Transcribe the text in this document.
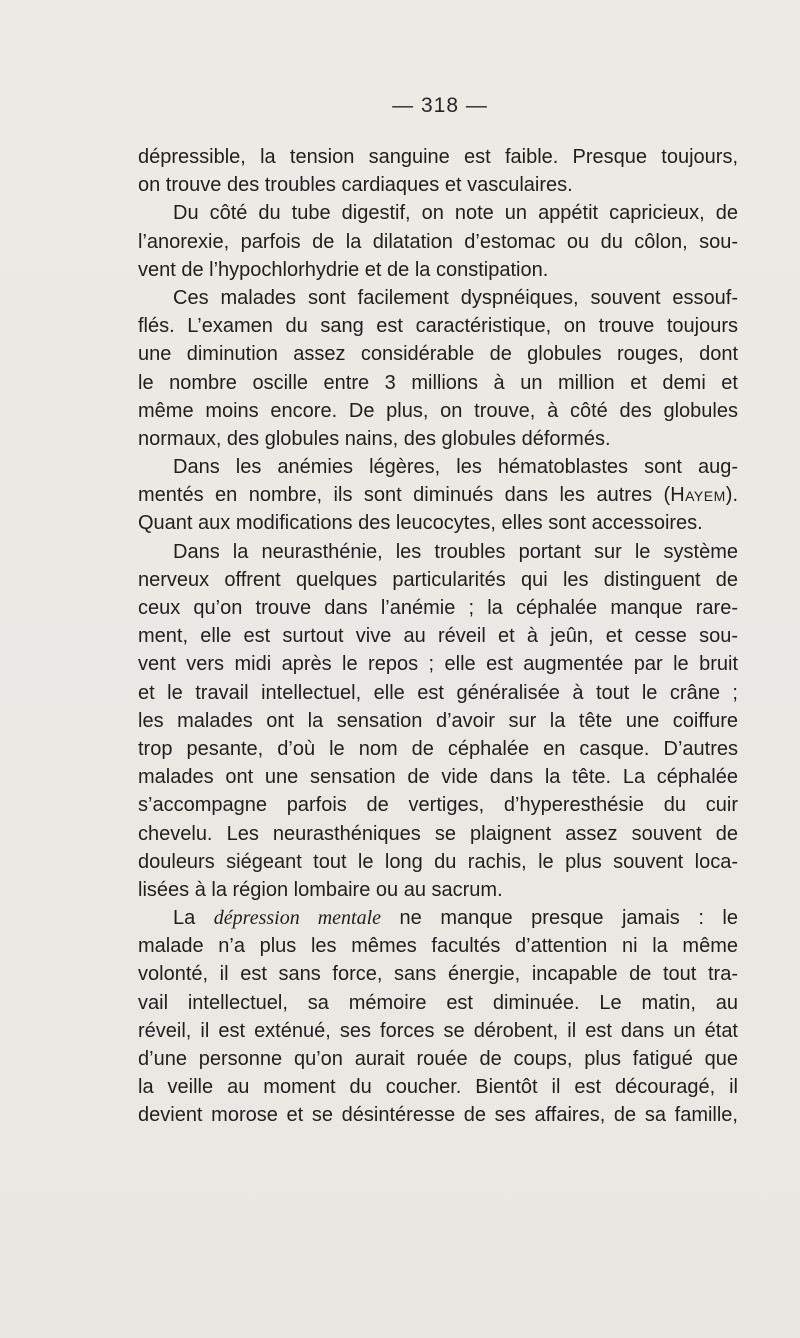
— 318 —
dépressible, la tension sanguine est faible. Presque toujours,
on trouve des troubles cardiaques et vasculaires.
Du côté du tube digestif, on note un appétit capricieux, de
l’anorexie, parfois de la dilatation d’estomac ou du côlon, sou-
vent de l’hypochlorhydrie et de la constipation.
Ces malades sont facilement dyspnéiques, souvent essouf-
flés. L’examen du sang est caractéristique, on trouve toujours
une diminution assez considérable de globules rouges, dont
le nombre oscille entre 3 millions à un million et demi et
même moins encore. De plus, on trouve, à côté des globules
normaux, des globules nains, des globules déformés.
Dans les anémies légères, les hématoblastes sont aug-
mentés en nombre, ils sont diminués dans les autres (Hayem).
Quant aux modifications des leucocytes, elles sont accessoires.
Dans la neurasthénie, les troubles portant sur le système
nerveux offrent quelques particularités qui les distinguent de
ceux qu’on trouve dans l’anémie ; la céphalée manque rare-
ment, elle est surtout vive au réveil et à jeûn, et cesse sou-
vent vers midi après le repos ; elle est augmentée par le bruit
et le travail intellectuel, elle est généralisée à tout le crâne ;
les malades ont la sensation d’avoir sur la tête une coiffure
trop pesante, d’où le nom de céphalée en casque. D’autres
malades ont une sensation de vide dans la tête. La céphalée
s’accompagne parfois de vertiges, d’hyperesthésie du cuir
chevelu. Les neurasthéniques se plaignent assez souvent de
douleurs siégeant tout le long du rachis, le plus souvent loca-
lisées à la région lombaire ou au sacrum.
La dépression mentale ne manque presque jamais : le
malade n’a plus les mêmes facultés d’attention ni la même
volonté, il est sans force, sans énergie, incapable de tout tra-
vail intellectuel, sa mémoire est diminuée. Le matin, au
réveil, il est exténué, ses forces se dérobent, il est dans un état
d’une personne qu’on aurait rouée de coups, plus fatigué que
la veille au moment du coucher. Bientôt il est découragé, il
devient morose et se désintéresse de ses affaires, de sa famille,
